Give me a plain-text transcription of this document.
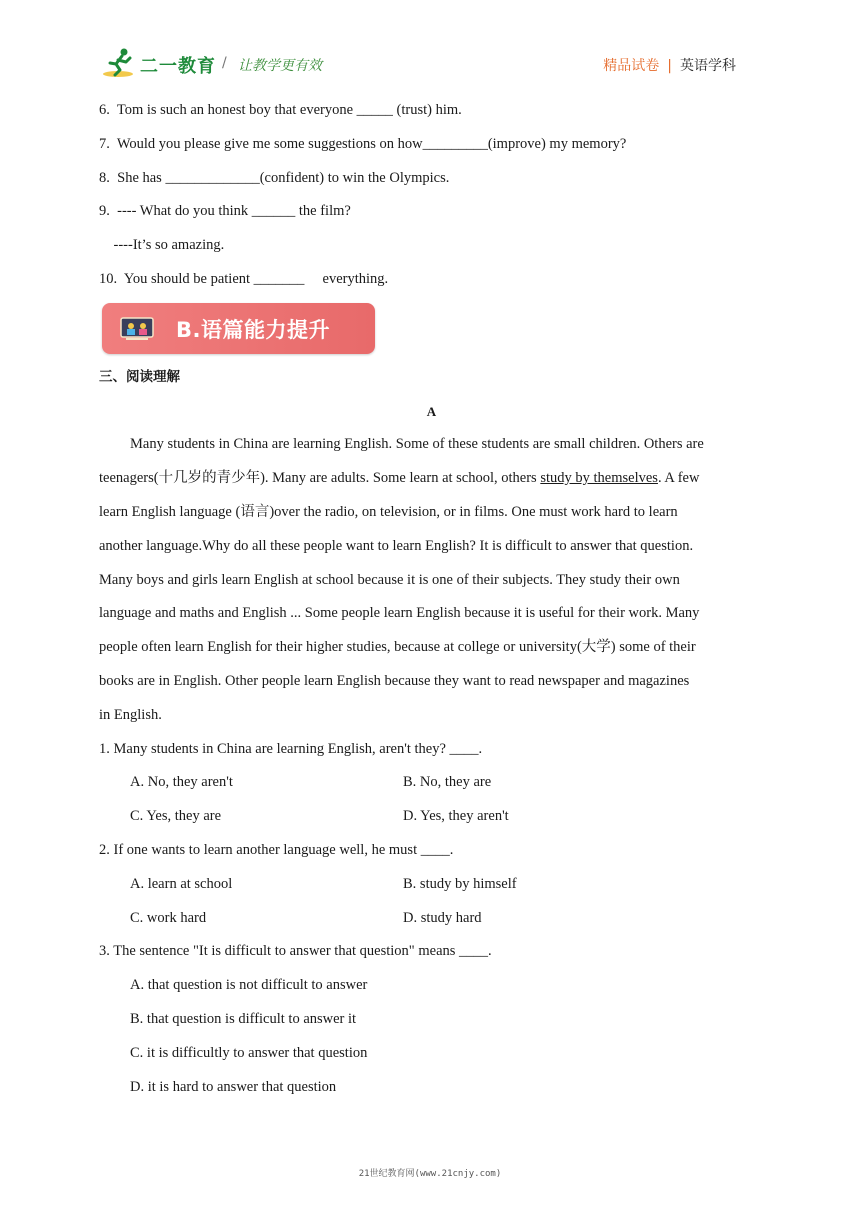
二一教育 / 让教学更有效	精品试卷 | 英语学科
6.  Tom is such an honest boy that everyone _____ (trust) him.
7.  Would you please give me some suggestions on how_________(improve) my memory?
8.  She has _____________(confident) to win the Olympics.
9.  ---- What do you think ______ the film?
----It’s so amazing.
10.  You should be patient _______     everything.
B.语篇能力提升
三、阅读理解
A
Many students in China are learning English. Some of these students are small children. Others are
teenagers(十几岁的青少年). Many are adults. Some learn at school, others study by themselves. A few
learn English language (语言)over the radio, on television, or in films. One must work hard to learn
another language.Why do all these people want to learn English? It is difficult to answer that question.
Many boys and girls learn English at school because it is one of their subjects. They study their own
language and maths and English ... Some people learn English because it is useful for their work. Many
people often learn English for their higher studies, because at college or university(大学) some of their
books are in English. Other people learn English because they want to read newspaper and magazines
in English.
1. Many students in China are learning English, aren't they? ____.
A. No, they aren't	B. No, they are
C. Yes, they are	D. Yes, they aren't
2. If one wants to learn another language well, he must ____.
A. learn at school	B. study by himself
C. work hard	D. study hard
3. The sentence "It is difficult to answer that question" means ____.
A. that question is not difficult to answer
B. that question is difficult to answer it
C. it is difficultly to answer that question
D. it is hard to answer that question
21世纪教育网(www.21cnjy.com)
